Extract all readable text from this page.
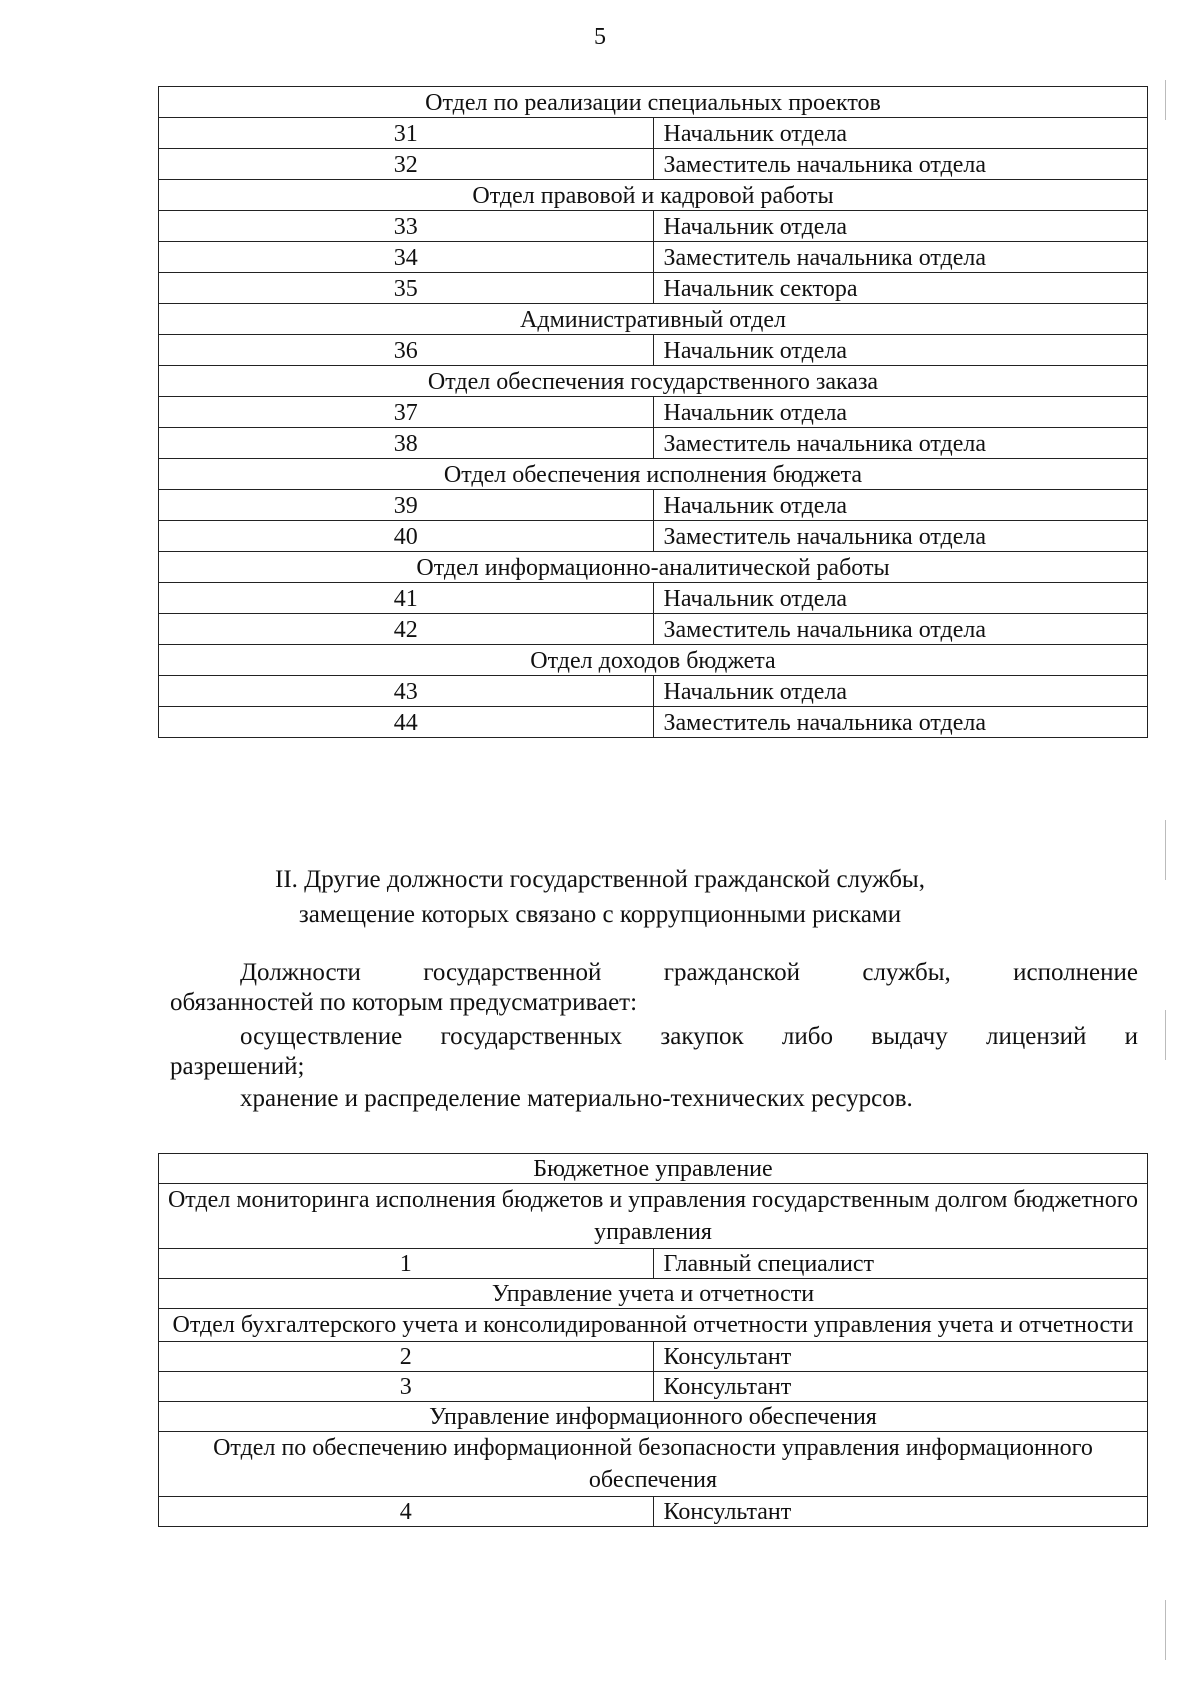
5
Отдел по реализации специальных проектов	
31	Начальник отдела
32	Заместитель начальника отдела
Отдел правовой и кадровой работы	
33	Начальник отдела
34	Заместитель начальника отдела
35	Начальник сектора
Административный отдел	
36	Начальник отдела
Отдел обеспечения государственного заказа	
37	Начальник отдела
38	Заместитель начальника отдела
Отдел обеспечения исполнения бюджета	
39	Начальник отдела
40	Заместитель начальника отдела
Отдел информационно-аналитической работы	
41	Начальник отдела
42	Заместитель начальника отдела
Отдел доходов бюджета	
43	Начальник отдела
44	Заместитель начальника отдела
II. Другие должности государственной гражданской службы,
замещение которых связано с коррупционными рисками
Должности государственной гражданской службы, исполнение
обязанностей по которым предусматривает:
осуществление государственных закупок либо выдачу лицензий и
разрешений;
хранение и распределение материально-технических ресурсов.
Бюджетное управление	
Отдел мониторинга исполнения бюджетов и управления государственным долгом бюджетного управления	
1	Главный специалист
Управление учета и отчетности	
Отдел бухгалтерского учета и консолидированной отчетности управления учета и отчетности	
2	Консультант
3	Консультант
Управление информационного обеспечения	
Отдел по обеспечению информационной безопасности управления информационного обеспечения	
4	Консультант
